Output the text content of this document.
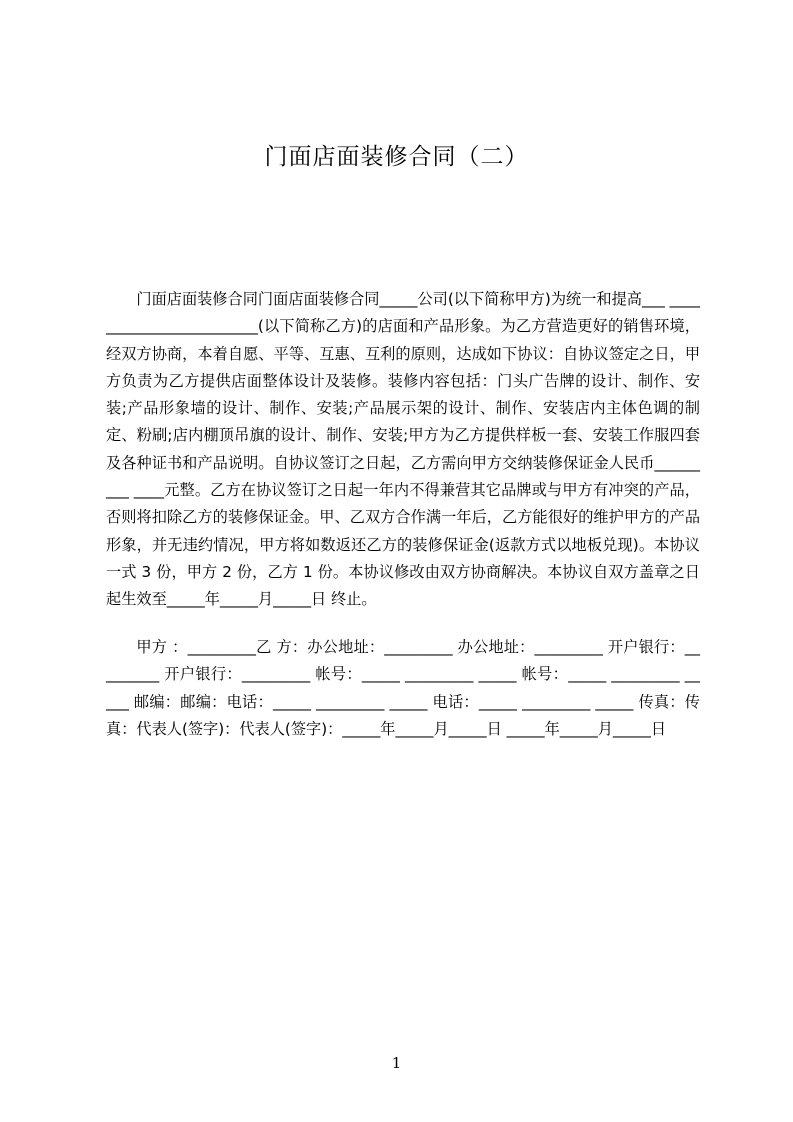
门面店面装修合同（二）

门面店面装修合同门面店面装修合同_____公司(以下简称甲方)为统一和提高___ ________________________(以下简称乙方)的店面和产品形象。为乙方营造更好的销售环境，经双方协商，本着自愿、平等、互惠、互利的原则，达成如下协议：自协议签定之日，甲方负责为乙方提供店面整体设计及装修。装修内容包括：门头广告牌的设计、制作、安装;产品形象墙的设计、制作、安装;产品展示架的设计、制作、安装店内主体色调的制定、粉刷;店内棚顶吊旗的设计、制作、安装;甲方为乙方提供样板一套、安装工作服四套及各种证书和产品说明。自协议签订之日起，乙方需向甲方交纳装修保证金人民币_________ ____元整。乙方在协议签订之日起一年内不得兼营其它品牌或与甲方有冲突的产品，否则将扣除乙方的装修保证金。甲、乙双方合作满一年后，乙方能很好的维护甲方的产品形象，并无违约情况，甲方将如数返还乙方的装修保证金(返款方式以地板兑现)。本协议一式 3 份，甲方 2 份，乙方 1 份。本协议修改由双方协商解决。本协议自双方盖章之日起生效至_____年_____月_____日 终止。

甲方 ：_________乙 方：办公地址：_________ 办公地址：_________ 开户银行：_________ 开户银行：_________ 帐号：_____ _________ _____ 帐号：_____ _________ _____ 邮编：邮编：电话：_____ _________ _____ 电话：_____ _________ _____ 传真：传真：代表人(签字)：代表人(签字)：_____年_____月_____日 _____年_____月_____日

1
